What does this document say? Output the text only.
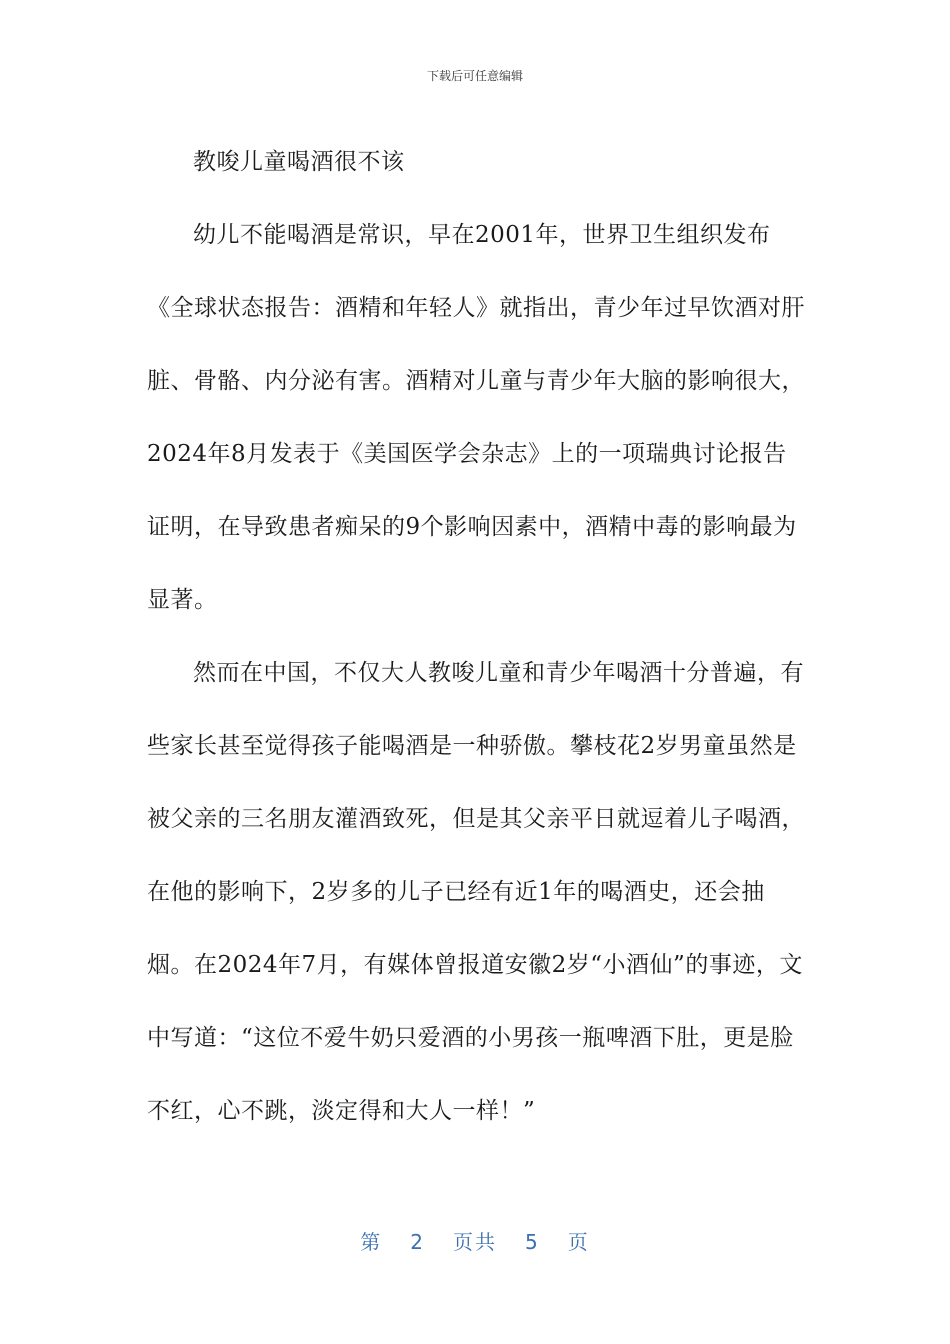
下载后可任意编辑

教唆儿童喝酒很不该

幼儿不能喝酒是常识，早在2001年，世界卫生组织发布《全球状态报告：酒精和年轻人》就指出，青少年过早饮酒对肝脏、骨骼、内分泌有害。酒精对儿童与青少年大脑的影响很大，2024年8月发表于《美国医学会杂志》上的一项瑞典讨论报告证明，在导致患者痴呆的9个影响因素中，酒精中毒的影响最为显著。

然而在中国，不仅大人教唆儿童和青少年喝酒十分普遍，有些家长甚至觉得孩子能喝酒是一种骄傲。攀枝花2岁男童虽然是被父亲的三名朋友灌酒致死，但是其父亲平日就逗着儿子喝酒，在他的影响下，2岁多的儿子已经有近1年的喝酒史，还会抽烟。在2024年7月，有媒体曾报道安徽2岁“小酒仙”的事迹，文中写道：“这位不爱牛奶只爱酒的小男孩一瓶啤酒下肚，更是脸不红，心不跳，淡定得和大人一样！”

第 2 页共 5 页
